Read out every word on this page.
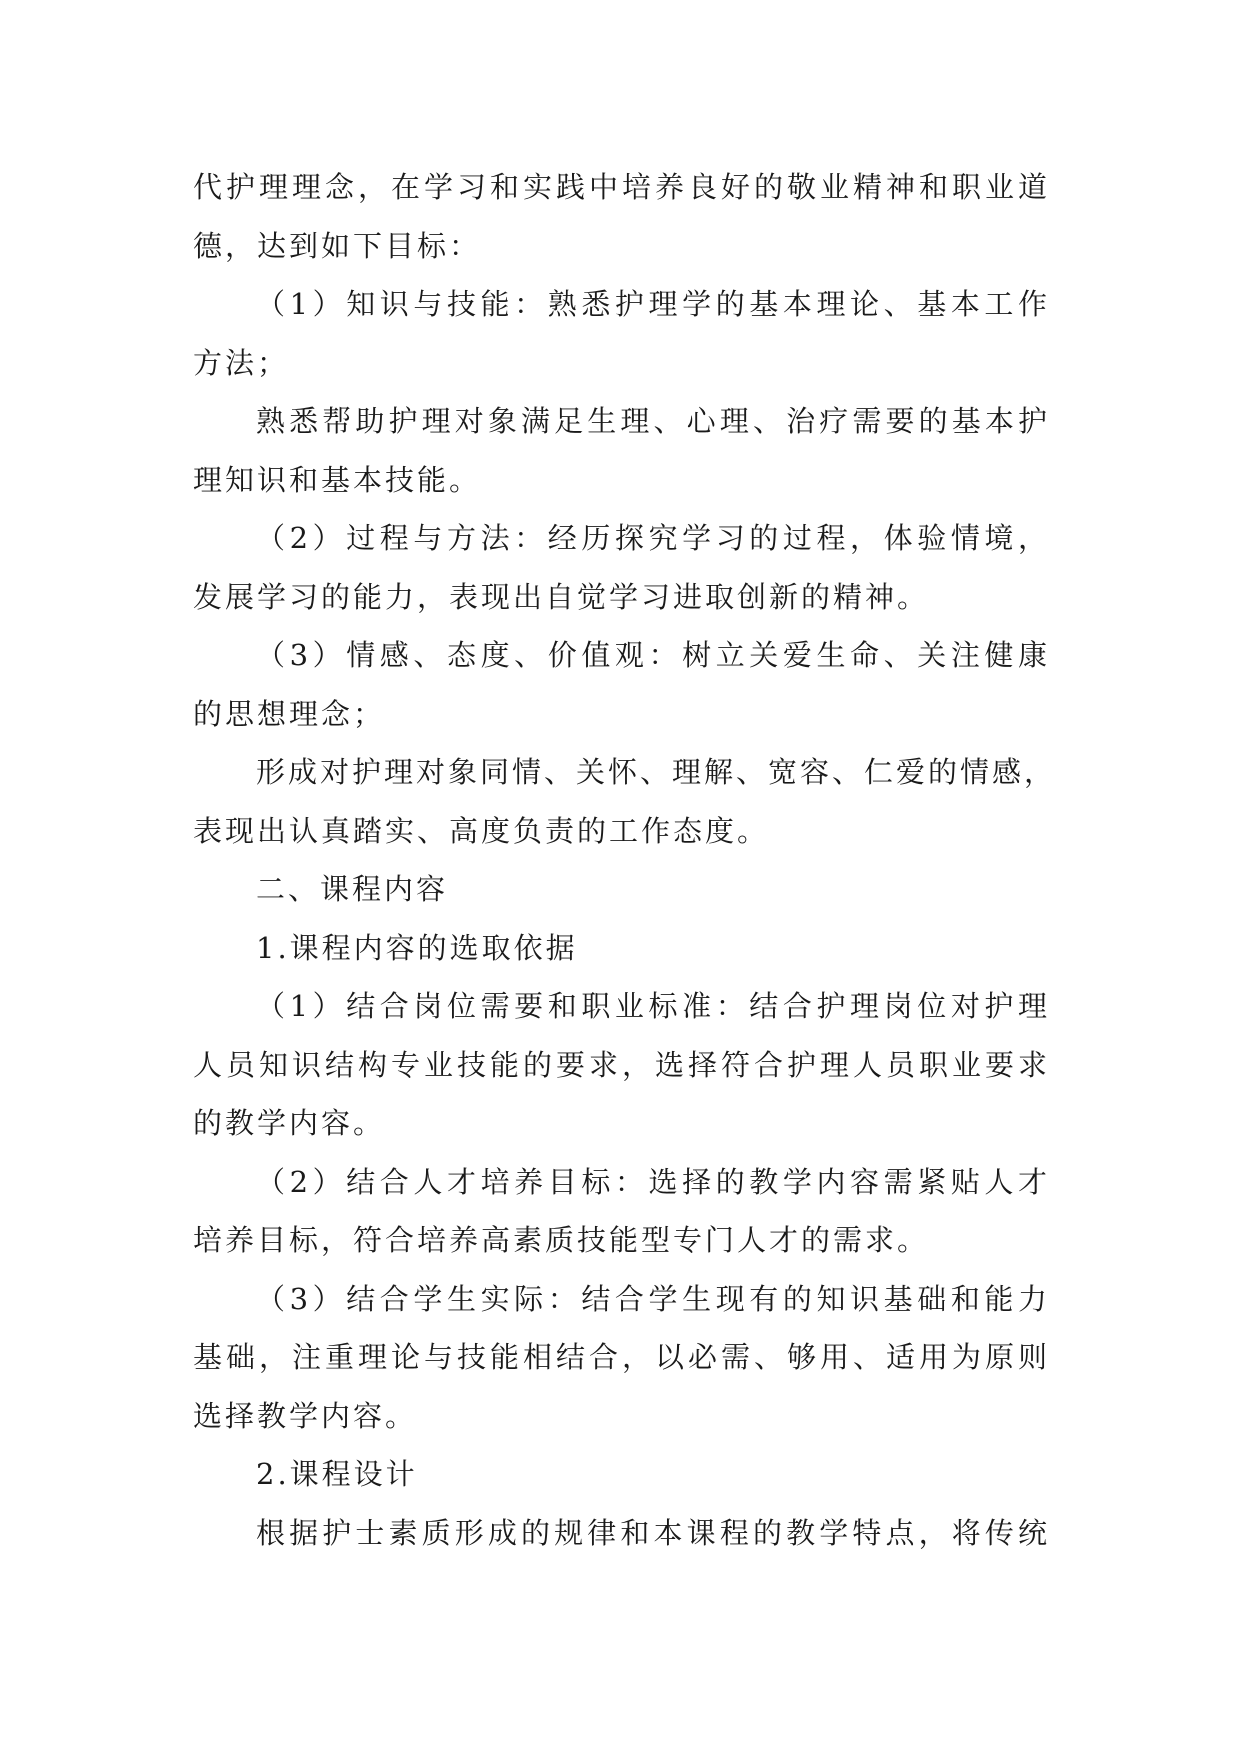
代护理理念，在学习和实践中培养良好的敬业精神和职业道
德，达到如下目标：
（1）知识与技能：熟悉护理学的基本理论、基本工作
方法；
熟悉帮助护理对象满足生理、心理、治疗需要的基本护
理知识和基本技能。
（2）过程与方法：经历探究学习的过程，体验情境，
发展学习的能力，表现出自觉学习进取创新的精神。
（3）情感、态度、价值观：树立关爱生命、关注健康
的思想理念；
形成对护理对象同情、关怀、理解、宽容、仁爱的情感，
表现出认真踏实、高度负责的工作态度。
二、课程内容
1.课程内容的选取依据
（1）结合岗位需要和职业标准：结合护理岗位对护理
人员知识结构专业技能的要求，选择符合护理人员职业要求
的教学内容。
（2）结合人才培养目标：选择的教学内容需紧贴人才
培养目标，符合培养高素质技能型专门人才的需求。
（3）结合学生实际：结合学生现有的知识基础和能力
基础，注重理论与技能相结合，以必需、够用、适用为原则
选择教学内容。
2.课程设计
根据护士素质形成的规律和本课程的教学特点，将传统
